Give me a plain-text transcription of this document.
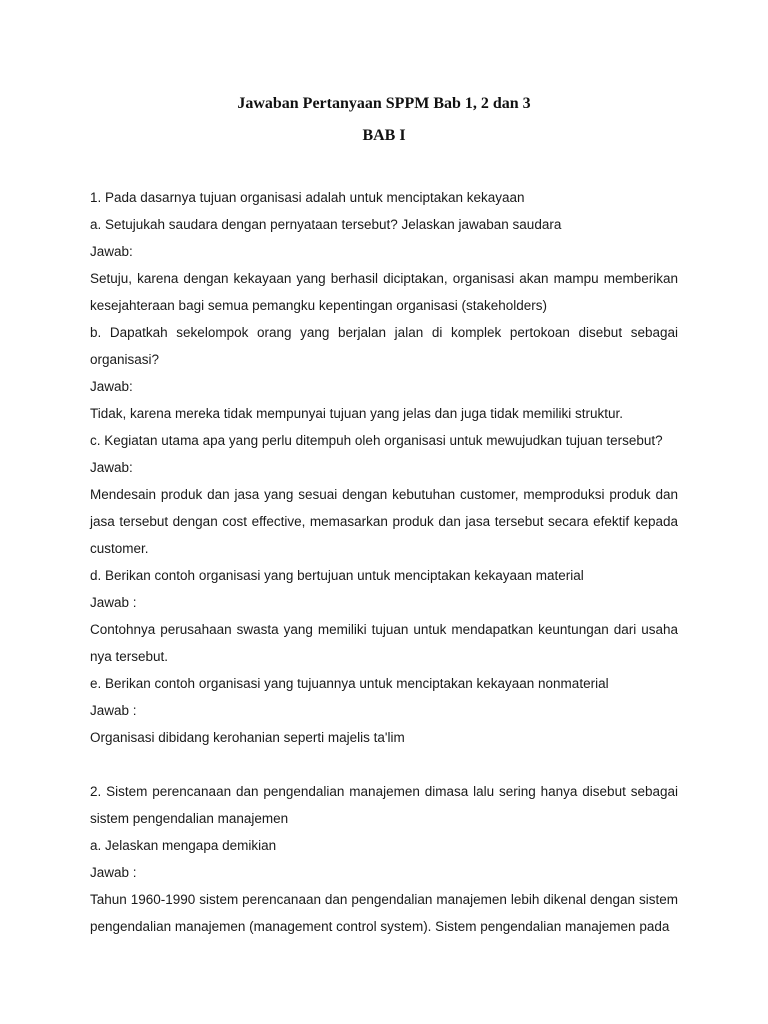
Jawaban Pertanyaan SPPM Bab 1, 2 dan 3
BAB I

1. Pada dasarnya tujuan organisasi adalah untuk menciptakan kekayaan

a. Setujukah saudara dengan pernyataan tersebut? Jelaskan jawaban saudara

Jawab:

Setuju, karena dengan kekayaan yang berhasil diciptakan, organisasi akan mampu memberikan kesejahteraan bagi semua pemangku kepentingan organisasi (stakeholders)

b. Dapatkah sekelompok orang yang berjalan jalan di komplek pertokoan disebut sebagai organisasi?

Jawab:

Tidak, karena mereka tidak mempunyai tujuan yang jelas dan juga tidak memiliki struktur.

c. Kegiatan utama apa yang perlu ditempuh oleh organisasi untuk mewujudkan tujuan tersebut?

Jawab:

Mendesain produk dan jasa yang sesuai dengan kebutuhan customer, memproduksi produk dan jasa tersebut dengan cost effective, memasarkan produk dan jasa tersebut secara efektif kepada customer.

d. Berikan contoh organisasi yang bertujuan untuk menciptakan kekayaan material

Jawab :

Contohnya perusahaan swasta yang memiliki tujuan untuk mendapatkan keuntungan dari usaha nya tersebut.

e. Berikan contoh organisasi yang tujuannya untuk menciptakan kekayaan nonmaterial

Jawab :

Organisasi dibidang kerohanian seperti majelis ta'lim

2. Sistem perencanaan dan pengendalian manajemen dimasa lalu sering hanya disebut sebagai sistem pengendalian manajemen

a. Jelaskan mengapa demikian

Jawab :

Tahun 1960-1990 sistem perencanaan dan pengendalian manajemen lebih dikenal dengan sistem pengendalian manajemen (management control system). Sistem pengendalian manajemen pada
